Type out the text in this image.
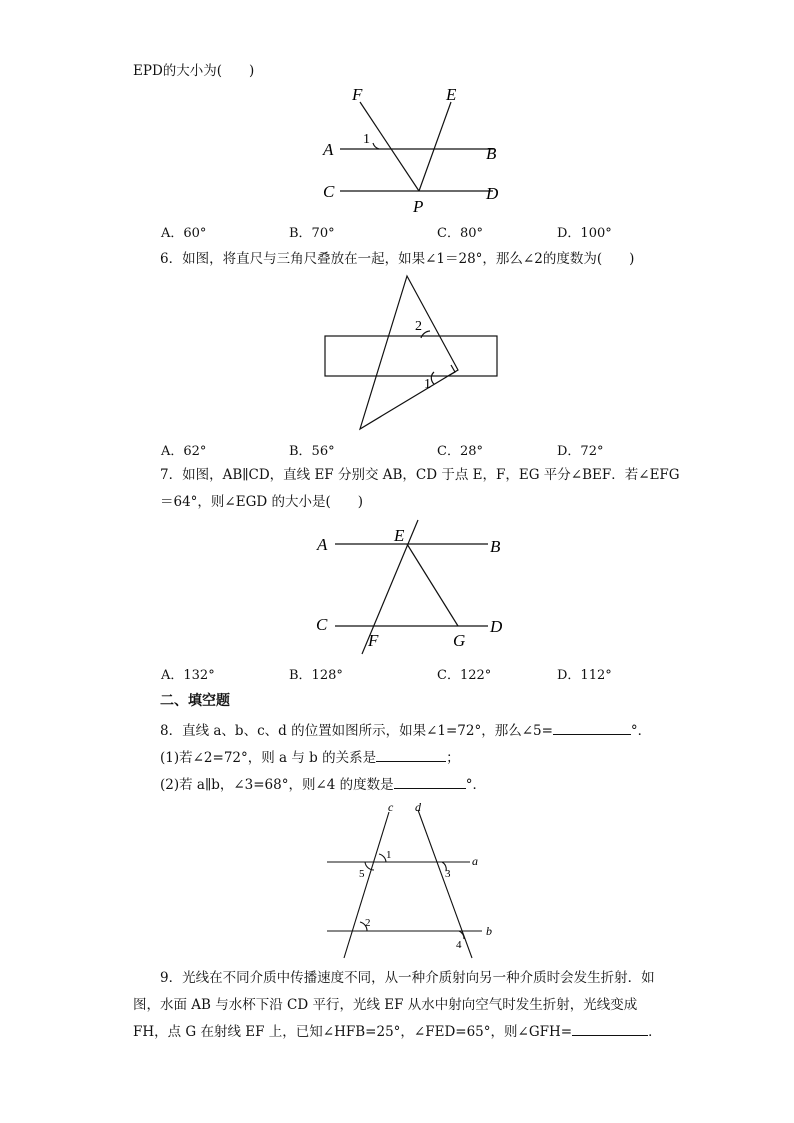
EPD的大小为(　　)
F	E
A	B
C	D
P
1
A．60°	B．70°	C．80°	D．100°
6．如图，将直尺与三角尺叠放在一起，如果∠1＝28°，那么∠2的度数为(　　)
2
1
A．62°	B．56°	C．28°	D．72°
7．如图，AB∥CD，直线 EF 分别交 AB，CD 于点 E，F，EG 平分∠BEF．若∠EFG
＝64°，则∠EGD 的大小是(　　)
A	B
E
C	D
F	G
A．132°	B．128°	C．122°	D．112°
二、填空题
8．直线 a、b、c、d 的位置如图所示，如果∠1=72°，那么∠5=	°．
(1)若∠2=72°，则 a 与 b 的关系是	；
(2)若 a∥b，∠3=68°，则∠4 的度数是	°．
c d
a
b
1
5	3
2
4
9．光线在不同介质中传播速度不同，从一种介质射向另一种介质时会发生折射．如
图，水面 AB 与水杯下沿 CD 平行，光线 EF 从水中射向空气时发生折射，光线变成
FH，点 G 在射线 EF 上，已知∠HFB=25°，∠FED=65°，则∠GFH=	．
